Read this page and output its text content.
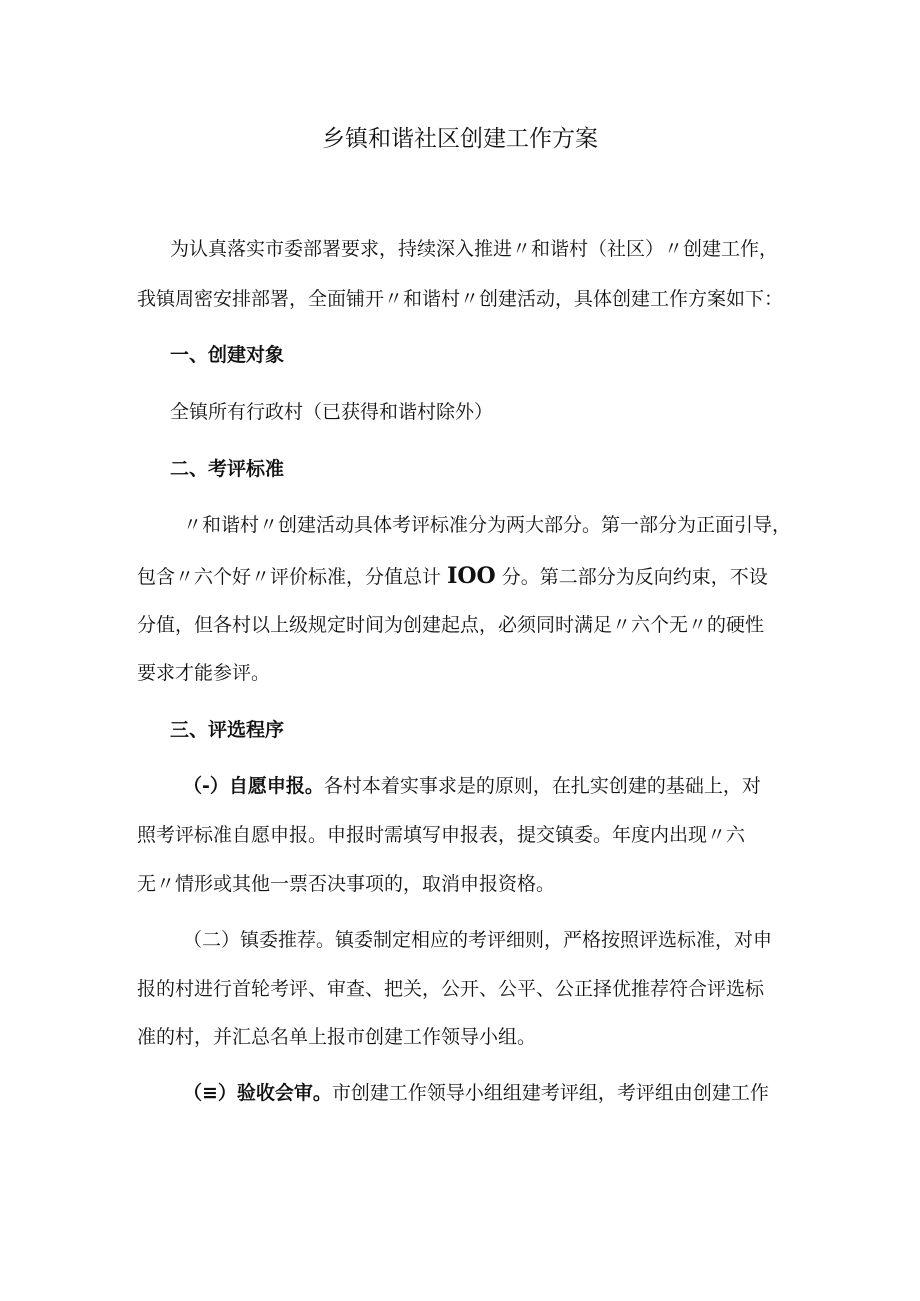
乡镇和谐社区创建工作方案

为认真落实市委部署要求，持续深入推进〃和谐村（社区）〃创建工作，

我镇周密安排部署，全面铺开〃和谐村〃创建活动，具体创建工作方案如下：

一、创建对象

全镇所有行政村（已获得和谐村除外）

二、考评标准

〃和谐村〃创建活动具体考评标准分为两大部分。第一部分为正面引导，

包含〃六个好〃评价标准，分值总计 IOO 分。第二部分为反向约束，不设

分值，但各村以上级规定时间为创建起点，必须同时满足〃六个无〃的硬性

要求才能参评。

三、评选程序

（-）自愿申报。各村本着实事求是的原则，在扎实创建的基础上，对

照考评标准自愿申报。申报时需填写申报表，提交镇委。年度内出现〃六

无〃情形或其他一票否决事项的，取消申报资格。

（二）镇委推荐。镇委制定相应的考评细则，严格按照评选标准，对申

报的村进行首轮考评、审查、把关，公开、公平、公正择优推荐符合评选标

准的村，并汇总名单上报市创建工作领导小组。

（≡）验收会审。市创建工作领导小组组建考评组，考评组由创建工作
